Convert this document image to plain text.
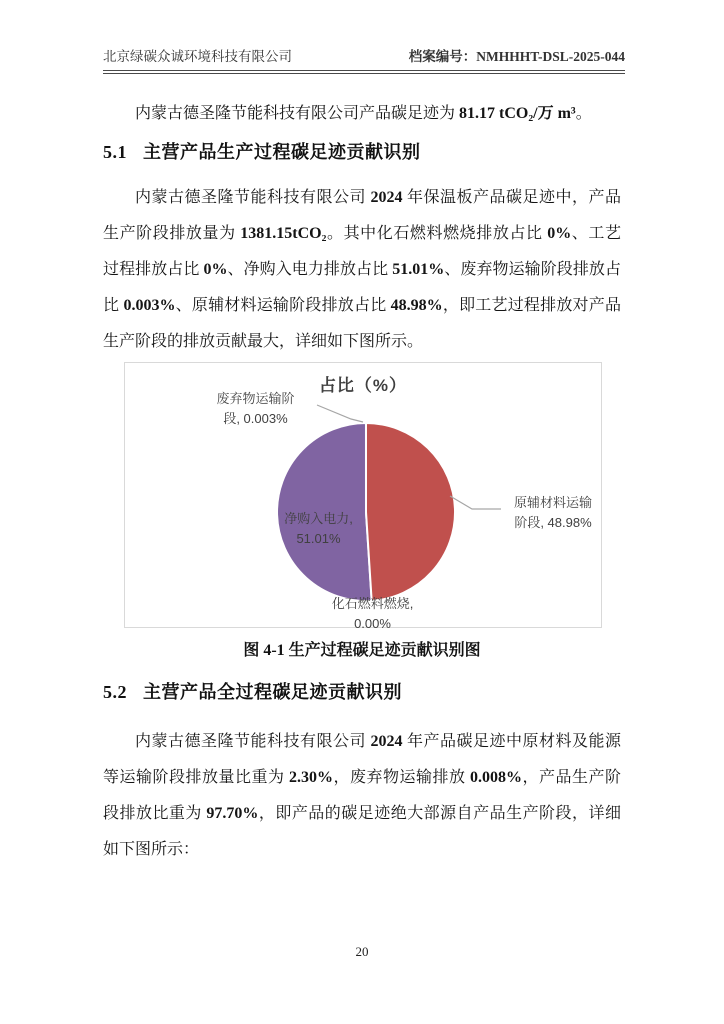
北京绿碳众诚环境科技有限公司	档案编号：NMHHHT-DSL-2025-044

内蒙古德圣隆节能科技有限公司产品碳足迹为 81.17 tCO₂/万 m³。

5.1 主营产品生产过程碳足迹贡献识别

内蒙古德圣隆节能科技有限公司 2024 年保温板产品碳足迹中，产品生产阶段排放量为 1381.15tCO₂。其中化石燃料燃烧排放占比 0%、工艺过程排放占比 0%、净购入电力排放占比 51.01%、废弃物运输阶段排放占比 0.003%、原辅材料运输阶段排放占比 48.98%，即工艺过程排放对产品生产阶段的排放贡献最大，详细如下图所示。

占比（%）
废弃物运输阶
段, 0.003%
原辅材料运输
阶段, 48.98%
净购入电力,
51.01%
化石燃料燃烧,
0.00%
图 4-1 生产过程碳足迹贡献识别图
5.2 主营产品全过程碳足迹贡献识别

内蒙古德圣隆节能科技有限公司 2024 年产品碳足迹中原材料及能源等运输阶段排放量比重为 2.30%，废弃物运输排放 0.008%，产品生产阶段排放比重为 97.70%，即产品的碳足迹绝大部源自产品生产阶段，详细如下图所示：

20
